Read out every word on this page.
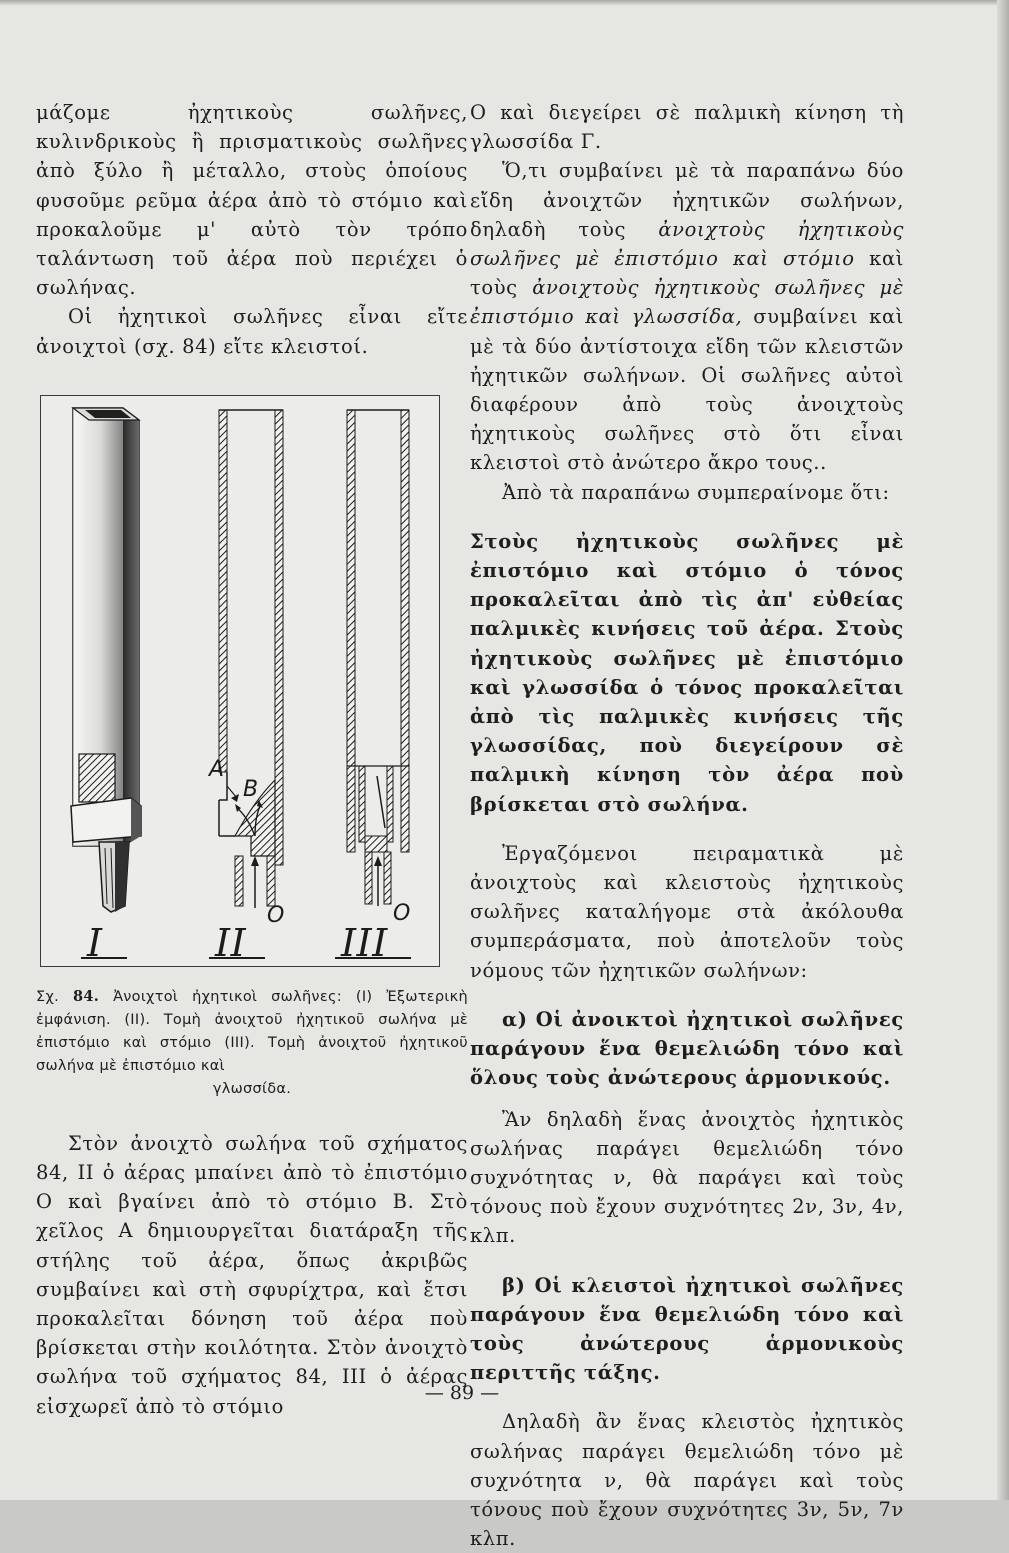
μάζομε ἠχητικοὺς σωλῆνες, κυλινδρικοὺς ἢ πρισματικοὺς σωλῆνες ἀπὸ ξύλο ἢ μέταλλο, στοὺς ὁποίους φυσοῦμε ρεῦμα ἀέρα ἀπὸ τὸ στόμιο καὶ προκαλοῦμε μ' αὐτὸ τὸν τρόπο ταλάντωση τοῦ ἀέρα ποὺ περιέχει ὁ σωλήνας.

Οἱ ἠχητικοὶ σωλῆνες εἶναι εἴτε ἀνοιχτοὶ (σχ. 84) εἴτε κλειστοί.

I	II III
A
B
O	O
Σχ. 84. Ἀνοιχτοὶ ἠχητικοὶ σωλῆνες: (I) Ἐξωτερικὴ ἐμφάνιση. (II). Τομὴ ἀνοιχτοῦ ἠχητικοῦ σωλήνα μὲ ἐπιστόμιο καὶ στόμιο (III). Τομὴ ἀνοιχτοῦ ἠχητικοῦ σωλήνα μὲ ἐπιστόμιο καὶ
γλωσσίδα.

Στὸν ἀνοιχτὸ σωλήνα τοῦ σχήματος 84, II ὁ ἀέρας μπαίνει ἀπὸ τὸ ἐπιστόμιο Ο καὶ βγαίνει ἀπὸ τὸ στόμιο Β. Στὸ χεῖλος Α δημιουργεῖται διατάραξη τῆς στήλης τοῦ ἀέρα, ὅπως ἀκριβῶς συμβαίνει καὶ στὴ σφυρίχτρα, καὶ ἔτσι προκαλεῖται δόνηση τοῦ ἀέρα ποὺ βρίσκεται στὴν κοιλότητα. Στὸν ἀνοιχτὸ σωλήνα τοῦ σχήματος 84, III ὁ ἀέρας εἰσχωρεῖ ἀπὸ τὸ στόμιο

Ο καὶ διεγείρει σὲ παλμικὴ κίνηση τὴ γλωσσίδα Γ.

Ὅ,τι συμβαίνει μὲ τὰ παραπάνω δύο εἴδη ἀνοιχτῶν ἠχητικῶν σωλήνων, δηλαδὴ τοὺς ἀνοιχτοὺς ἠχητικοὺς σωλῆνες μὲ ἐπιστόμιο καὶ στόμιο καὶ τοὺς ἀνοιχτοὺς ἠχητικοὺς σωλῆνες μὲ ἐπιστόμιο καὶ γλωσσίδα, συμβαίνει καὶ μὲ τὰ δύο ἀντίστοιχα εἴδη τῶν κλειστῶν ἠχητικῶν σωλήνων. Οἱ σωλῆνες αὐτοὶ διαφέρουν ἀπὸ τοὺς ἀνοιχτοὺς ἠχητικοὺς σωλῆνες στὸ ὅτι εἶναι κλειστοὶ στὸ ἀνώτερο ἄκρο τους..

Ἀπὸ τὰ παραπάνω συμπεραίνομε ὅτι:

Στοὺς ἠχητικοὺς σωλῆνες μὲ ἐπιστόμιο καὶ στόμιο ὁ τόνος προκαλεῖται ἀπὸ τὶς ἀπ' εὐθείας παλμικὲς κινήσεις τοῦ ἀέρα. Στοὺς ἠχητικοὺς σωλῆνες μὲ ἐπιστόμιο καὶ γλωσσίδα ὁ τόνος προκαλεῖται ἀπὸ τὶς παλμικὲς κινήσεις τῆς γλωσσίδας, ποὺ διεγείρουν σὲ παλμικὴ κίνηση τὸν ἀέρα ποὺ βρίσκεται στὸ σωλήνα.

Ἐργαζόμενοι πειραματικὰ μὲ ἀνοιχτοὺς καὶ κλειστοὺς ἠχητικοὺς σωλῆνες καταλήγομε στὰ ἀκόλουθα συμπεράσματα, ποὺ ἀποτελοῦν τοὺς νόμους τῶν ἠχητικῶν σωλήνων:

α) Οἱ ἀνοικτοὶ ἠχητικοὶ σωλῆνες παράγουν ἕνα θεμελιώδη τόνο καὶ ὅλους τοὺς ἀνώτερους ἁρμονικούς.

Ἂν δηλαδὴ ἕνας ἀνοιχτὸς ἠχητικὸς σωλήνας παράγει θεμελιώδη τόνο συχνότητας ν, θὰ παράγει καὶ τοὺς τόνους ποὺ ἔχουν συχνότητες 2ν, 3ν, 4ν, κλπ.

β) Οἱ κλειστοὶ ἠχητικοὶ σωλῆνες παράγουν ἕνα θεμελιώδη τόνο καὶ τοὺς ἀνώτερους ἁρμονικοὺς περιττῆς τάξης.

Δηλαδὴ ἂν ἕνας κλειστὸς ἠχητικὸς σωλήνας παράγει θεμελιώδη τόνο μὲ συχνότητα ν, θὰ παράγει καὶ τοὺς τόνους ποὺ ἔχουν συχνότητες 3ν, 5ν, 7ν κλπ.

— 89 —
